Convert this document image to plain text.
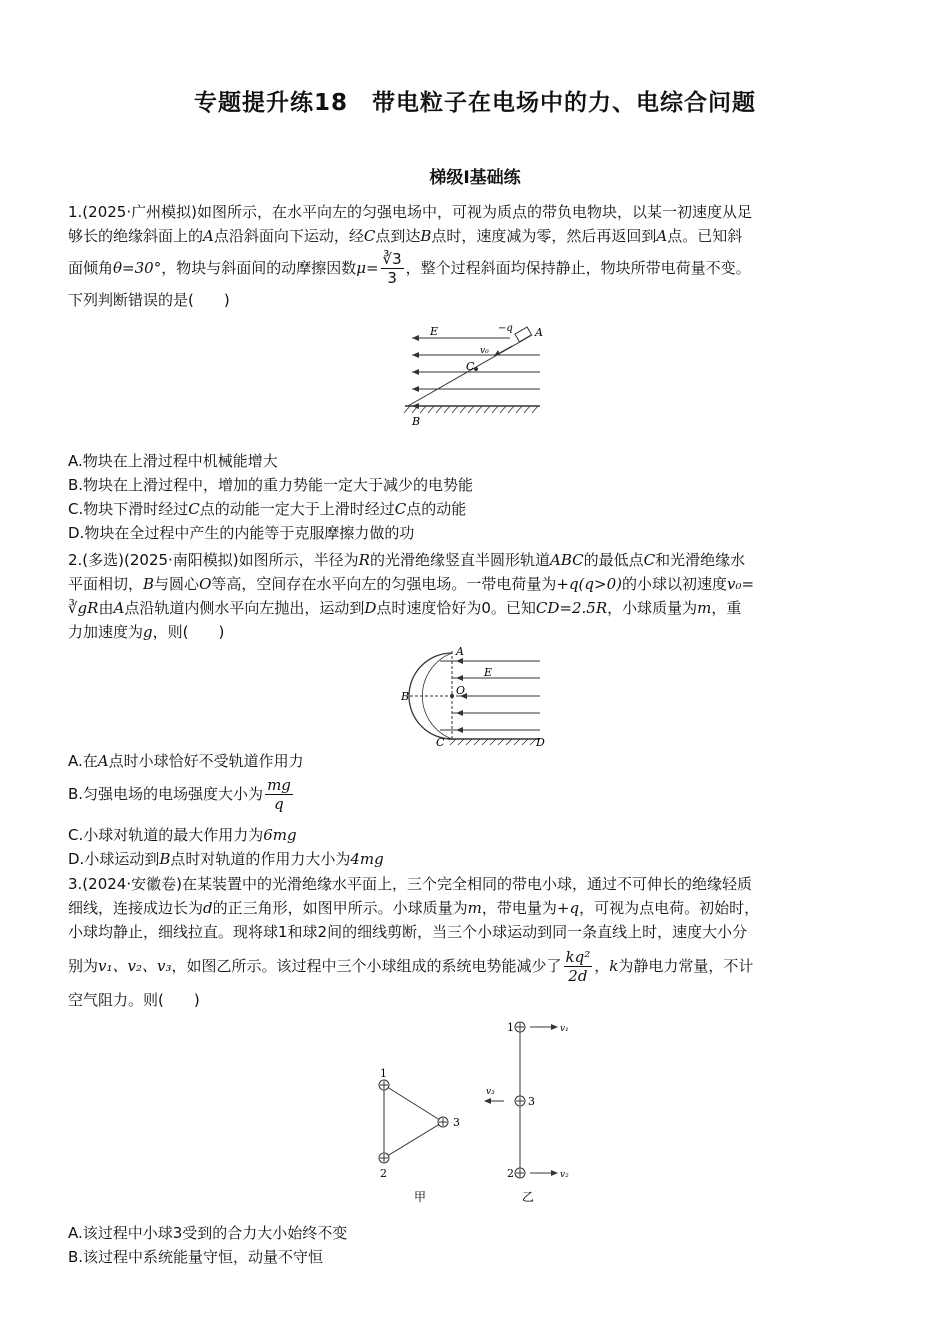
专题提升练18　带电粒子在电场中的力、电综合问题
梯级Ⅰ基础练
1.(2025·广州模拟)如图所示，在水平向左的匀强电场中，可视为质点的带负电物块，以某一初速度从足
够长的绝缘斜面上的A点沿斜面向下运动，经C点到达B点时，速度减为零，然后再返回到A点。已知斜
面倾角θ=30°，物块与斜面间的动摩擦因数$\mu= \frac{∛3}{3}$ ，整个过程斜面均保持静止，物块所带电荷量不变。
下列判断错误的是(　　)
E	−q A
v₀
C
B
A.物块在上滑过程中机械能增大
B.物块在上滑过程中，增加的重力势能一定大于减少的电势能
C.物块下滑时经过C点的动能一定大于上滑时经过C点的动能
D.物块在全过程中产生的内能等于克服摩擦力做的功
2.(多选)(2025·南阳模拟)如图所示，半径为R的光滑绝缘竖直半圆形轨道ABC的最低点C和光滑绝缘水
平面相切，B与圆心O等高，空间存在水平向左的匀强电场。一带电荷量为+q(q>0)的小球以初速度v₀=
∛gR由A点沿轨道内侧水平向左抛出，运动到D点时速度恰好为0。已知CD=2.5R，小球质量为m，重
力加速度为g，则(　　)
A
E
B	O
C	D
A.在A点时小球恰好不受轨道作用力
B.匀强电场的电场强度大小为 $\frac{mg}{q}$
C.小球对轨道的最大作用力为6mg
D.小球运动到B点时对轨道的作用力大小为4mg
3.(2024·安徽卷)在某装置中的光滑绝缘水平面上，三个完全相同的带电小球，通过不可伸长的绝缘轻质
细线，连接成边长为d的正三角形，如图甲所示。小球质量为m，带电量为+q，可视为点电荷。初始时，
小球均静止，细线拉直。现将球1和球2间的细线剪断，当三个小球运动到同一条直线上时，速度大小分
别为v₁、v₂、v₃，如图乙所示。该过程中三个小球组成的系统电势能减少了 $\frac{\text{kq²}}{2d}$ ，k为静电力常量，不计
空气阻力。则(　　)
1
2
3
1
3
2
v₁
v₂
v₃
甲	乙
A.该过程中小球3受到的合力大小始终不变
B.该过程中系统能量守恒，动量不守恒
